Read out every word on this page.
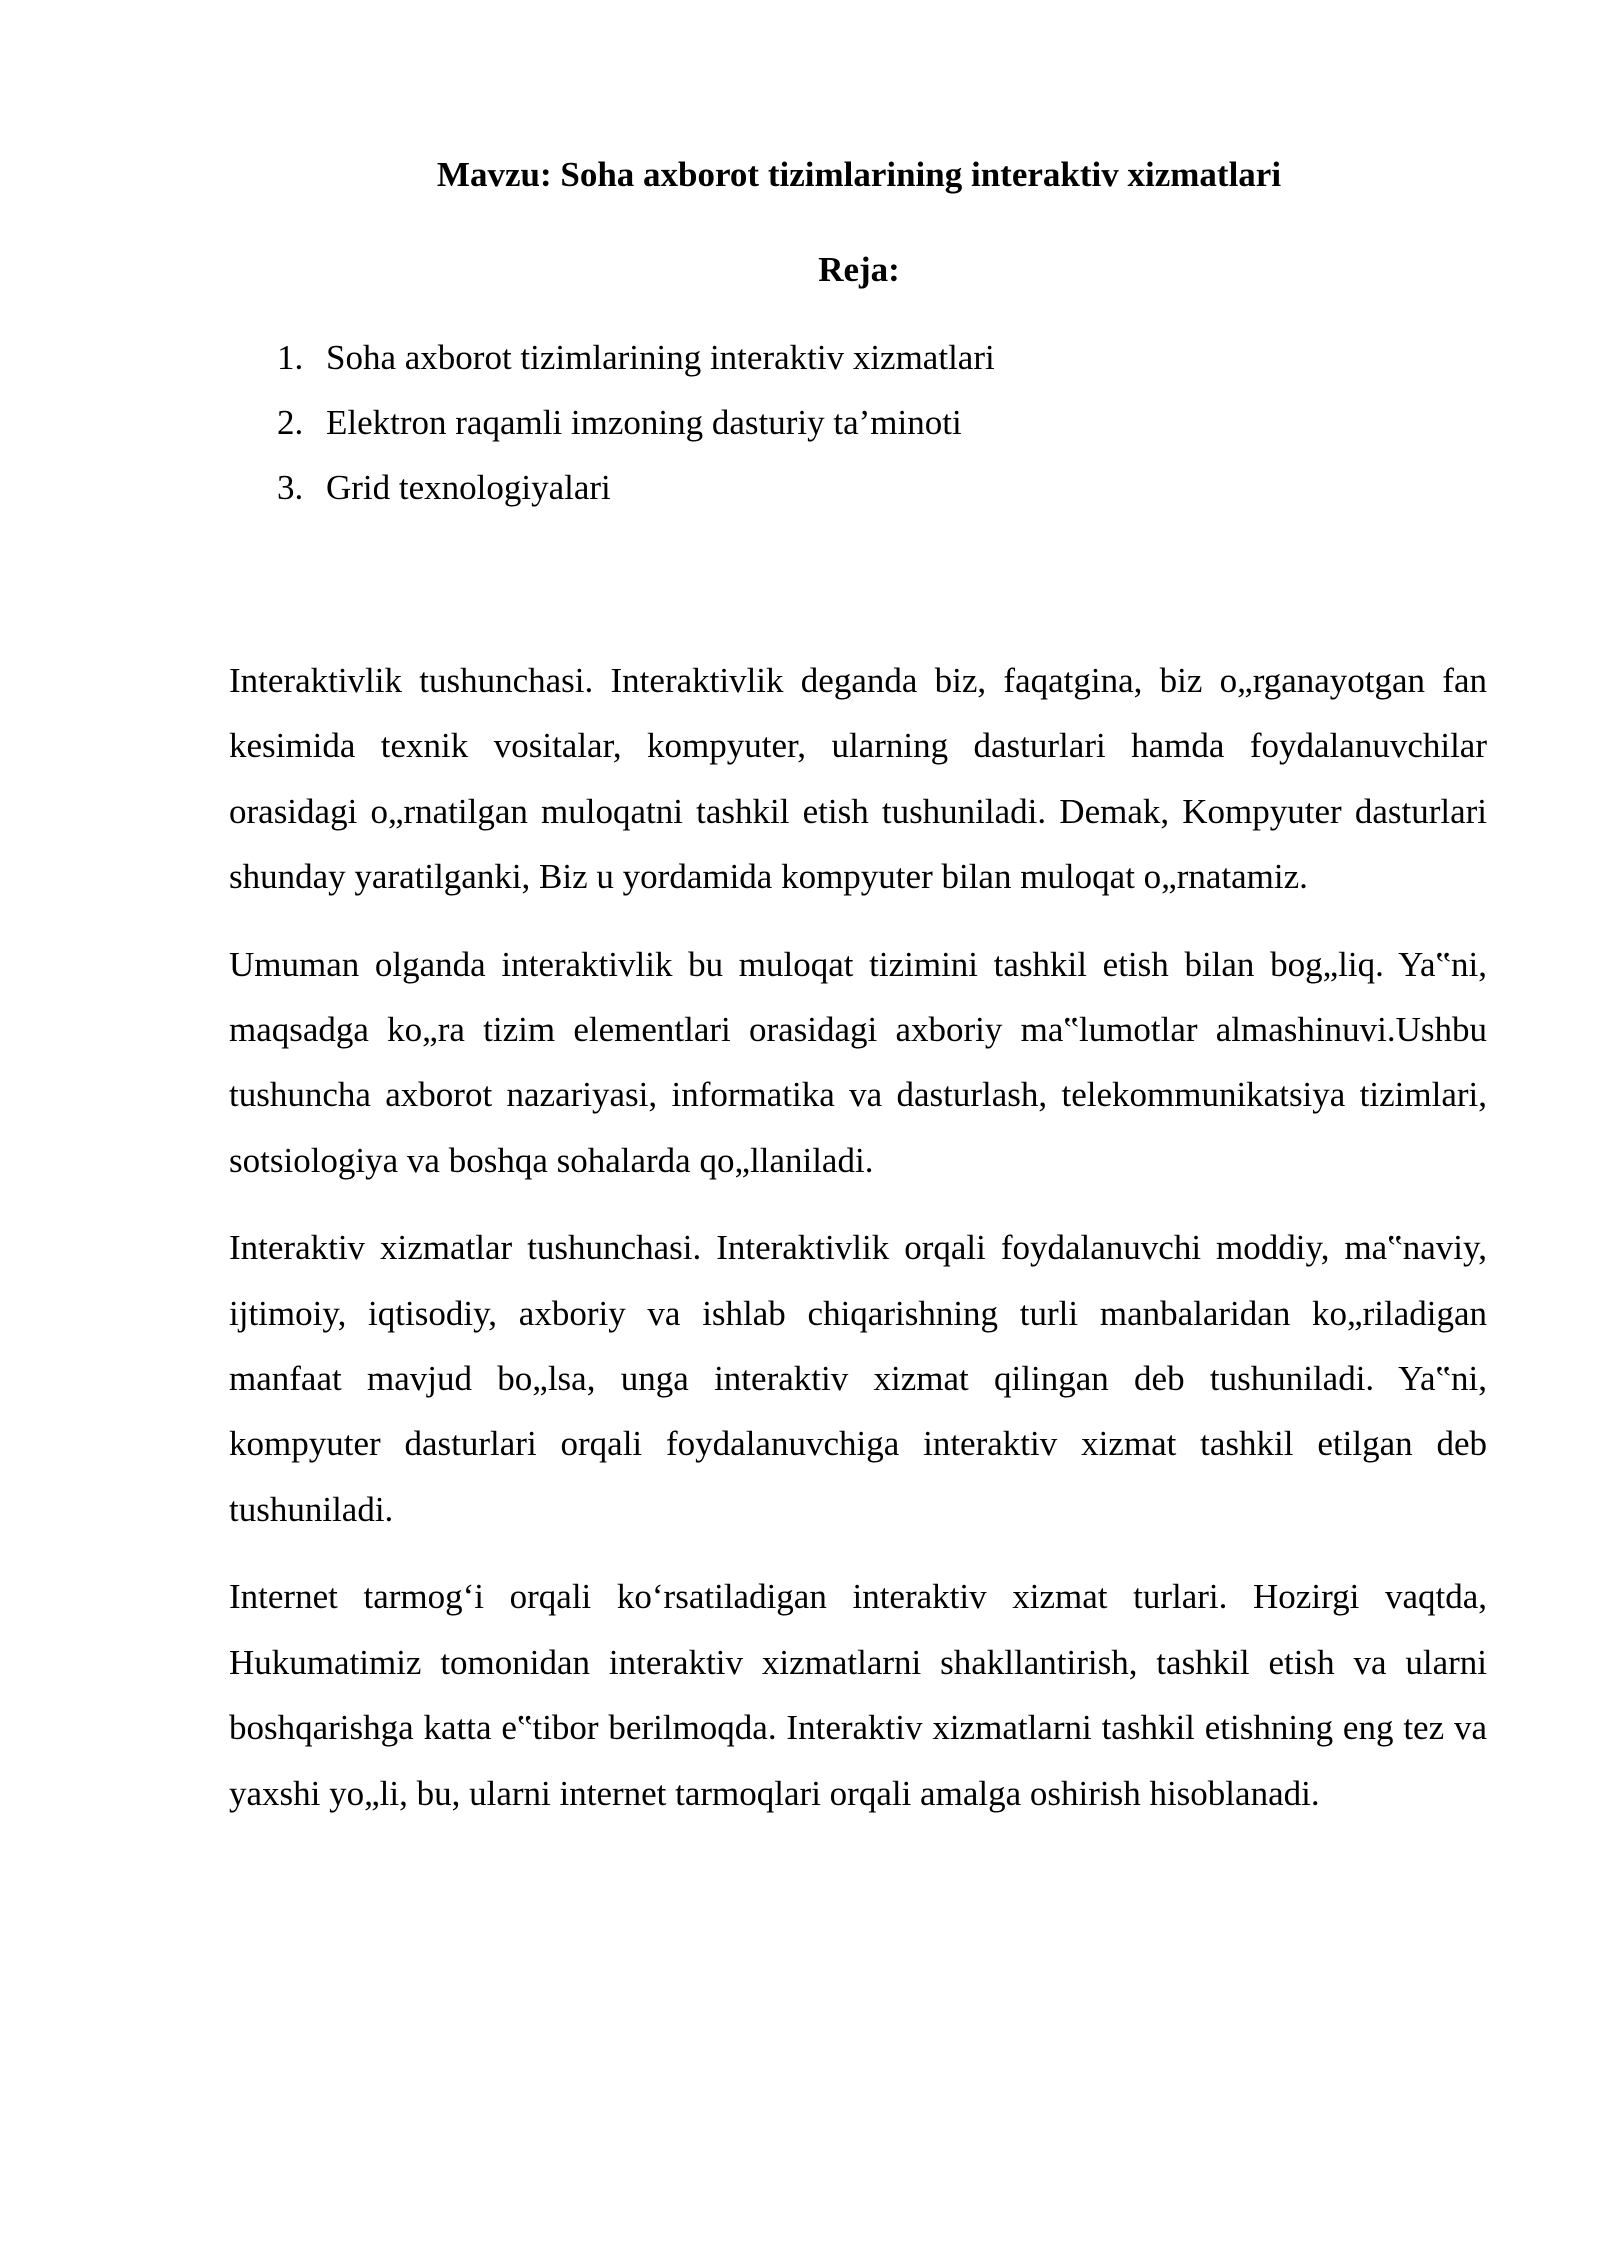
Mavzu: Soha axborot tizimlarining interaktiv xizmatlari
Reja:
1. Soha axborot tizimlarining interaktiv xizmatlari
2. Elektron raqamli imzoning dasturiy ta’minoti
3. Grid texnologiyalari

Interaktivlik tushunchasi. Interaktivlik deganda biz, faqatgina, biz o„rganayotgan fan kesimida texnik vositalar, kompyuter, ularning dasturlari hamda foydalanuvchilar orasidagi o„rnatilgan muloqatni tashkil etish tushuniladi. Demak, Kompyuter dasturlari shunday yaratilganki, Biz u yordamida kompyuter bilan muloqat o„rnatamiz.

Umuman olganda interaktivlik bu muloqat tizimini tashkil etish bilan bog„liq. Ya‟ni, maqsadga ko„ra tizim elementlari orasidagi axboriy ma‟lumotlar almashinuvi.Ushbu tushuncha axborot nazariyasi, informatika va dasturlash, telekommunikatsiya tizimlari, sotsiologiya va boshqa sohalarda qo„llaniladi.

Interaktiv xizmatlar tushunchasi. Interaktivlik orqali foydalanuvchi moddiy, ma‟naviy, ijtimoiy, iqtisodiy, axboriy va ishlab chiqarishning turli manbalaridan ko„riladigan manfaat mavjud bo„lsa, unga interaktiv xizmat qilingan deb tushuniladi. Ya‟ni, kompyuter dasturlari orqali foydalanuvchiga interaktiv xizmat tashkil etilgan deb tushuniladi.

Internet tarmog‘i orqali ko‘rsatiladigan interaktiv xizmat turlari. Hozirgi vaqtda, Hukumatimiz tomonidan interaktiv xizmatlarni shakllantirish, tashkil etish va ularni boshqarishga katta e‟tibor berilmoqda. Interaktiv xizmatlarni tashkil etishning eng tez va yaxshi yo„li, bu, ularni internet tarmoqlari orqali amalga oshirish hisoblanadi.
